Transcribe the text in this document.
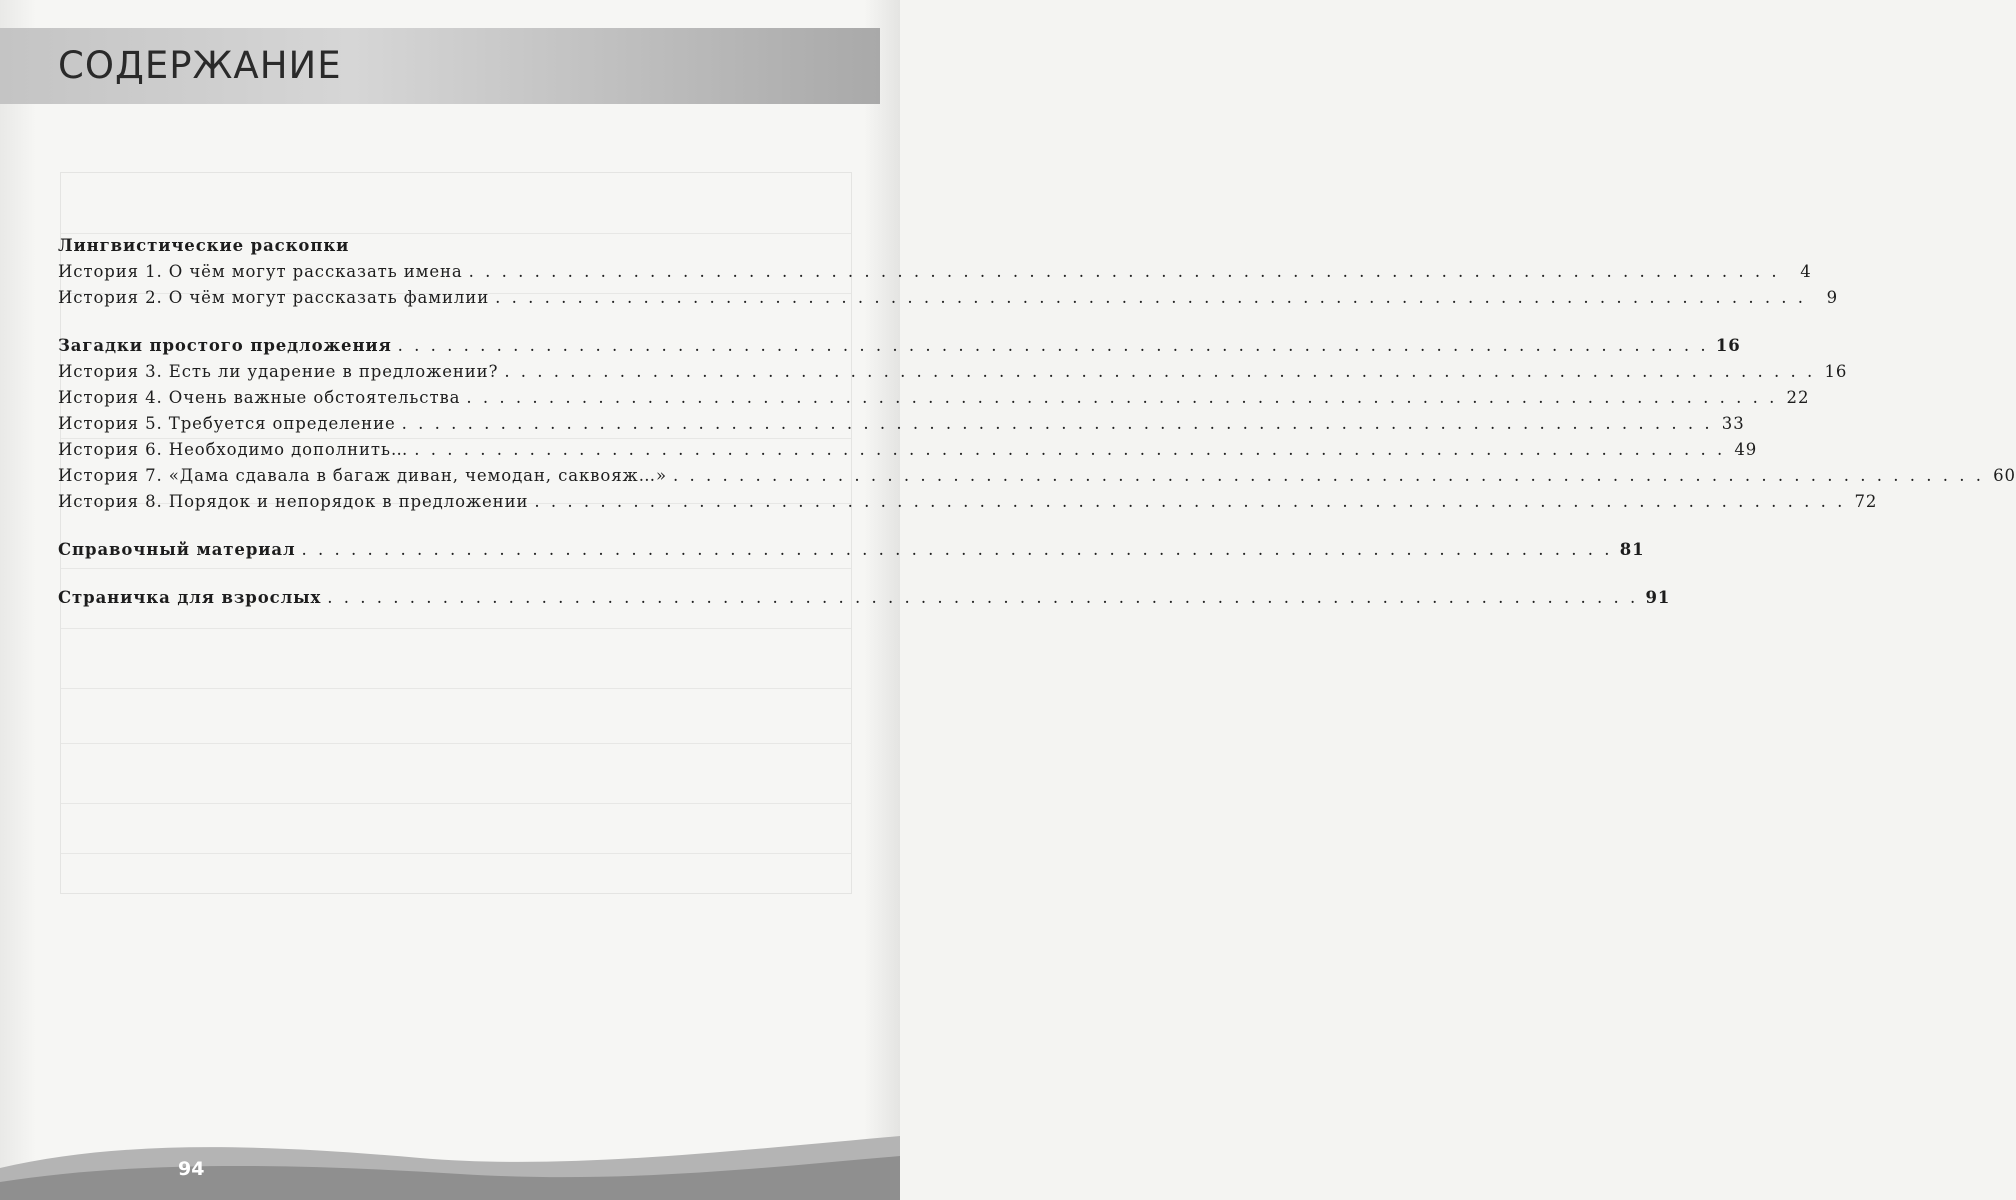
СОДЕРЖАНИЕ
Лингвистические раскопки
История 1. О чём могут рассказать имена . . . . . . . . . . . . . . . . . . . . . . . . . . . . . . . . . . . . . . . . . . . . . . . . . . . . . . . . . . . . . . . . . . . . . . . . . . . . . . . .	4
История 2. О чём могут рассказать фамилии . . . . . . . . . . . . . . . . . . . . . . . . . . . . . . . . . . . . . . . . . . . . . . . . . . . . . . . . . . . . . . . . . . . . . . . . . . . . . . . .	9
Загадки простого предложения . . . . . . . . . . . . . . . . . . . . . . . . . . . . . . . . . . . . . . . . . . . . . . . . . . . . . . . . . . . . . . . . . . . . . . . . . . . . . . . . 16
История 3. Есть ли ударение в предложении? . . . . . . . . . . . . . . . . . . . . . . . . . . . . . . . . . . . . . . . . . . . . . . . . . . . . . . . . . . . . . . . . . . . . . . . . . . . . . . . . 16
История 4. Очень важные обстоятельства . . . . . . . . . . . . . . . . . . . . . . . . . . . . . . . . . . . . . . . . . . . . . . . . . . . . . . . . . . . . . . . . . . . . . . . . . . . . . . . . 22
История 5. Требуется определение . . . . . . . . . . . . . . . . . . . . . . . . . . . . . . . . . . . . . . . . . . . . . . . . . . . . . . . . . . . . . . . . . . . . . . . . . . . . . . . . 33
История 6. Необходимо дополнить… . . . . . . . . . . . . . . . . . . . . . . . . . . . . . . . . . . . . . . . . . . . . . . . . . . . . . . . . . . . . . . . . . . . . . . . . . . . . . . . . 49
История 7. «Дама сдавала в багаж диван, чемодан, саквояж…» . . . . . . . . . . . . . . . . . . . . . . . . . . . . . . . . . . . . . . . . . . . . . . . . . . . . . . . . . . . . . . . . . . . . . . . . . . . . . . . . 60
История 8. Порядок и непорядок в предложении . . . . . . . . . . . . . . . . . . . . . . . . . . . . . . . . . . . . . . . . . . . . . . . . . . . . . . . . . . . . . . . . . . . . . . . . . . . . . . . . 72
Справочный материал . . . . . . . . . . . . . . . . . . . . . . . . . . . . . . . . . . . . . . . . . . . . . . . . . . . . . . . . . . . . . . . . . . . . . . . . . . . . . . . . 81
Страничка для взрослых . . . . . . . . . . . . . . . . . . . . . . . . . . . . . . . . . . . . . . . . . . . . . . . . . . . . . . . . . . . . . . . . . . . . . . . . . . . . . . . . 91
94
